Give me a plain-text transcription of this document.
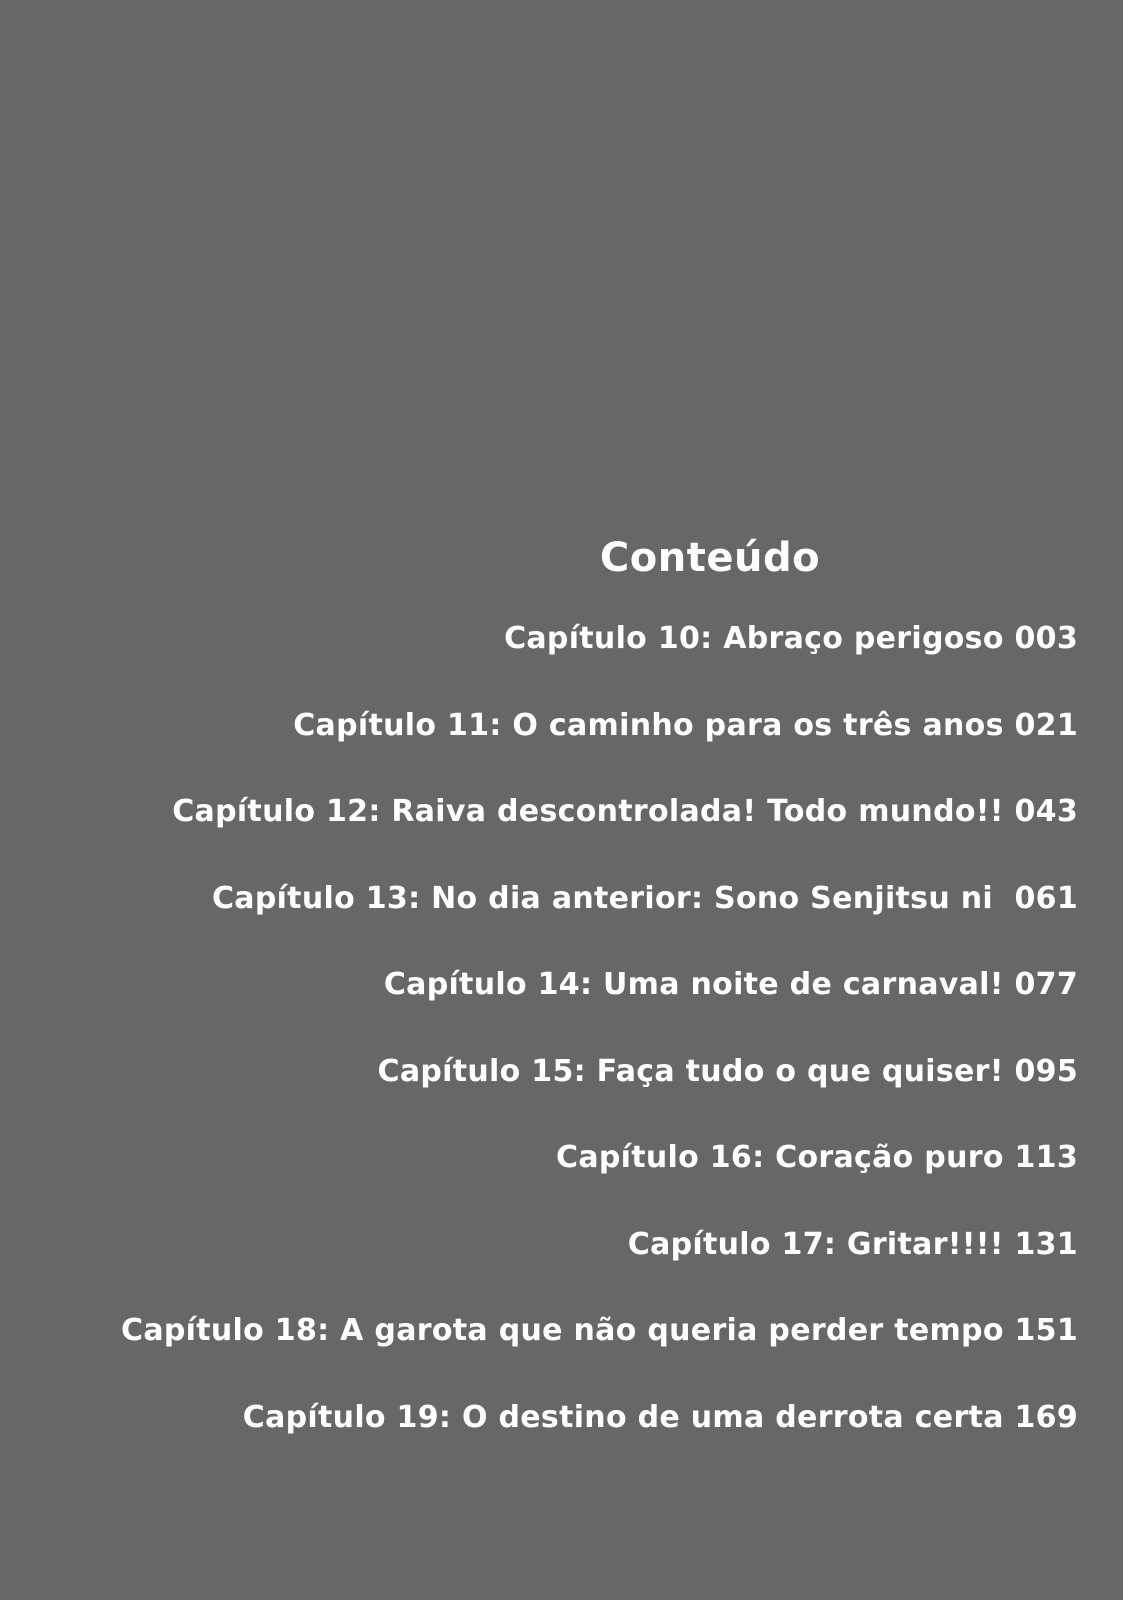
Conteúdo
Capítulo 10: Abraço perigoso 003
Capítulo 11: O caminho para os três anos 021
Capítulo 12: Raiva descontrolada! Todo mundo!! 043
Capítulo 13: No dia anterior: Sono Senjitsu ni  061
Capítulo 14: Uma noite de carnaval! 077
Capítulo 15: Faça tudo o que quiser! 095
Capítulo 16: Coração puro 113
Capítulo 17: Gritar!!!! 131
Capítulo 18: A garota que não queria perder tempo 151
Capítulo 19: O destino de uma derrota certa 169
